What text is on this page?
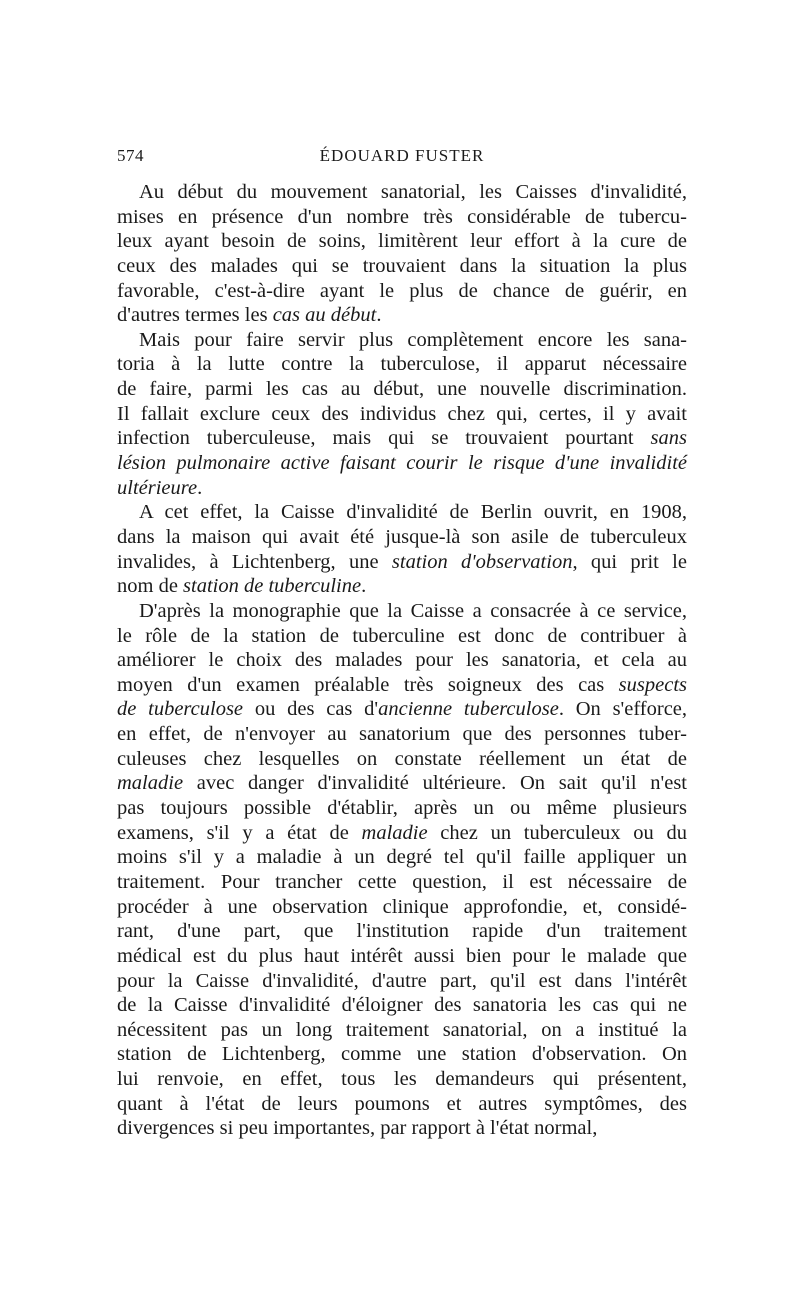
574	ÉDOUARD FUSTER
Au début du mouvement sanatorial, les Caisses d'invalidité,
mises en présence d'un nombre très considérable de tubercu-
leux ayant besoin de soins, limitèrent leur effort à la cure de
ceux des malades qui se trouvaient dans la situation la plus
favorable, c'est-à-dire ayant le plus de chance de guérir, en
d'autres termes les cas au début.
Mais pour faire servir plus complètement encore les sana-
toria à la lutte contre la tuberculose, il apparut nécessaire
de faire, parmi les cas au début, une nouvelle discrimination.
Il fallait exclure ceux des individus chez qui, certes, il y avait
infection tuberculeuse, mais qui se trouvaient pourtant sans
lésion pulmonaire active faisant courir le risque d'une invalidité
ultérieure.
A cet effet, la Caisse d'invalidité de Berlin ouvrit, en 1908,
dans la maison qui avait été jusque-là son asile de tuberculeux
invalides, à Lichtenberg, une station d'observation, qui prit le
nom de station de tuberculine.
D'après la monographie que la Caisse a consacrée à ce service,
le rôle de la station de tuberculine est donc de contribuer à
améliorer le choix des malades pour les sanatoria, et cela au
moyen d'un examen préalable très soigneux des cas suspects
de tuberculose ou des cas d'ancienne tuberculose. On s'efforce,
en effet, de n'envoyer au sanatorium que des personnes tuber-
culeuses chez lesquelles on constate réellement un état de
maladie avec danger d'invalidité ultérieure. On sait qu'il n'est
pas toujours possible d'établir, après un ou même plusieurs
examens, s'il y a état de maladie chez un tuberculeux ou du
moins s'il y a maladie à un degré tel qu'il faille appliquer un
traitement. Pour trancher cette question, il est nécessaire de
procéder à une observation clinique approfondie, et, considé-
rant, d'une part, que l'institution rapide d'un traitement
médical est du plus haut intérêt aussi bien pour le malade que
pour la Caisse d'invalidité, d'autre part, qu'il est dans l'intérêt
de la Caisse d'invalidité d'éloigner des sanatoria les cas qui ne
nécessitent pas un long traitement sanatorial, on a institué la
station de Lichtenberg, comme une station d'observation. On
lui renvoie, en effet, tous les demandeurs qui présentent,
quant à l'état de leurs poumons et autres symptômes, des
divergences si peu importantes, par rapport à l'état normal,
